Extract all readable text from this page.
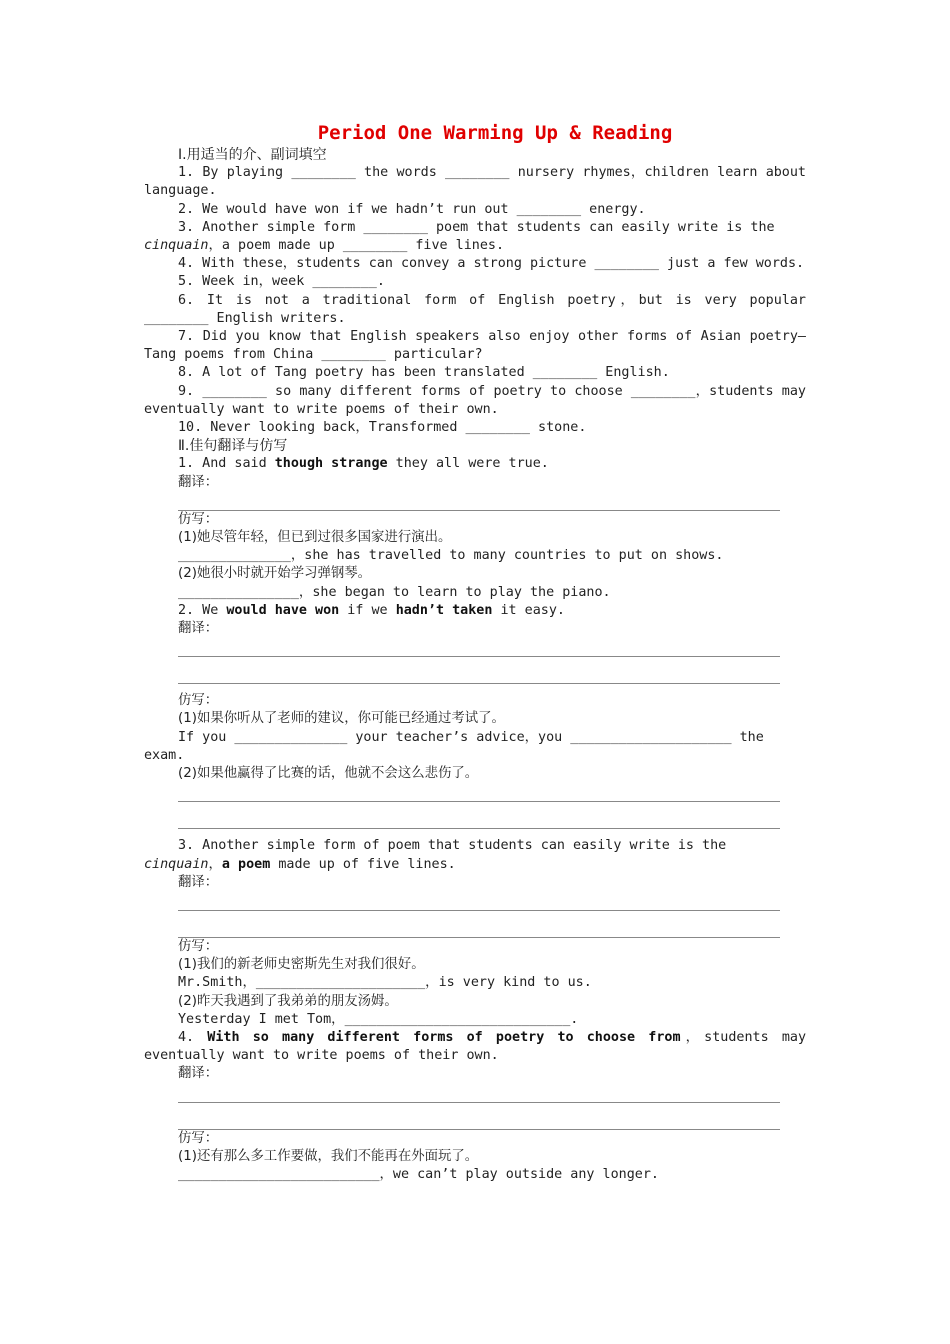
Period One Warming Up & Reading
Ⅰ.用适当的介、副词填空
1. By playing ________ the words ________ nursery rhymes，children learn about language.
2. We would have won if we hadn’t run out ________ energy.
3. Another simple form ________ poem that students can easily write is the
cinquain，a poem made up ________ five lines.
4. With these，students can convey a strong picture ________ just a few words.
5. Week in，week ________.
6. It is not a traditional form of English poetry，but is very popular ________ English writers.
7. Did you know that English speakers also enjoy other forms of Asian poetry—Tang poems from China ________ particular?
8. A lot of Tang poetry has been translated ________ English.
9. ________ so many different forms of poetry to choose ________，students may eventually want to write poems of their own.
10. Never looking back，Transformed ________ stone.
Ⅱ.佳句翻译与仿写
1. And said though strange they all were true.
翻译：
仿写：
(1)她尽管年轻，但已到过很多国家进行演出。
______________，she has travelled to many countries to put on shows.
(2)她很小时就开始学习弹钢琴。
_______________，she began to learn to play the piano.
2. We would have won if we hadn’t taken it easy.
翻译：
仿写：
(1)如果你听从了老师的建议，你可能已经通过考试了。
If you ______________ your teacher’s advice，you ____________________ the exam.
(2)如果他赢得了比赛的话，他就不会这么悲伤了。
3. Another simple form of poem that students can easily write is the
cinquain，a poem made up of five lines.
翻译：
仿写：
(1)我们的新老师史密斯先生对我们很好。
Mr.Smith，_____________________，is very kind to us.
(2)昨天我遇到了我弟弟的朋友汤姆。
Yesterday I met Tom，____________________________.
4. With so many different forms of poetry to choose from，students may eventually want to write poems of their own.
翻译：
仿写：
(1)还有那么多工作要做，我们不能再在外面玩了。
_________________________，we can’t play outside any longer.
